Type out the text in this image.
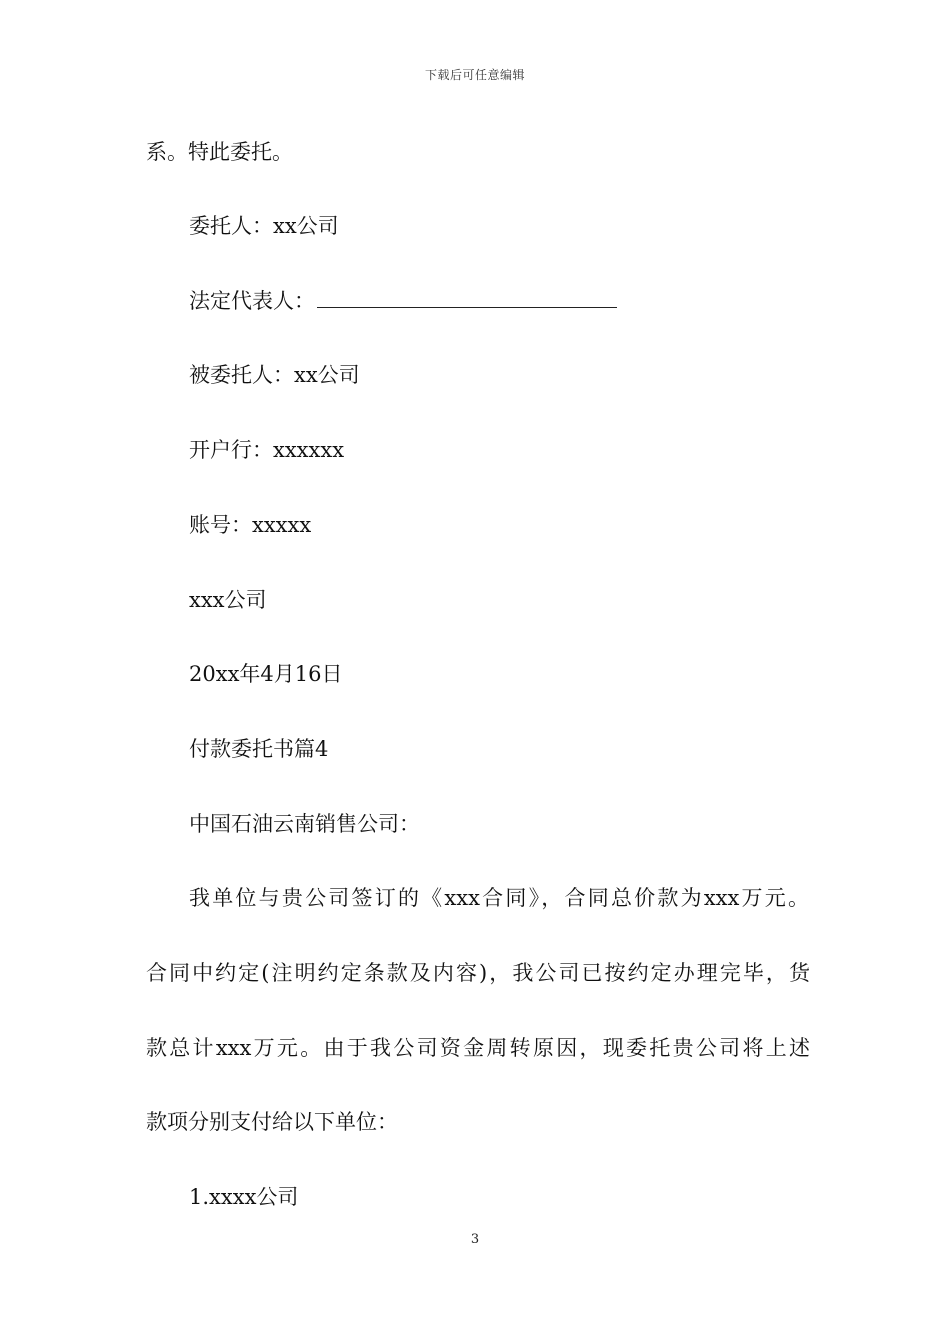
下载后可任意编辑
系。特此委托。
委托人：xx公司
法定代表人：
被委托人：xx公司
开户行：xxxxxx
账号：xxxxx
xxx公司
20xx年4月16日
付款委托书篇4
中国石油云南销售公司：
我单位与贵公司签订的《xxx合同》，合同总价款为xxx万元。
合同中约定(注明约定条款及内容)，我公司已按约定办理完毕，货
款总计xxx万元。由于我公司资金周转原因，现委托贵公司将上述
款项分别支付给以下单位：
1.xxxx公司
3
